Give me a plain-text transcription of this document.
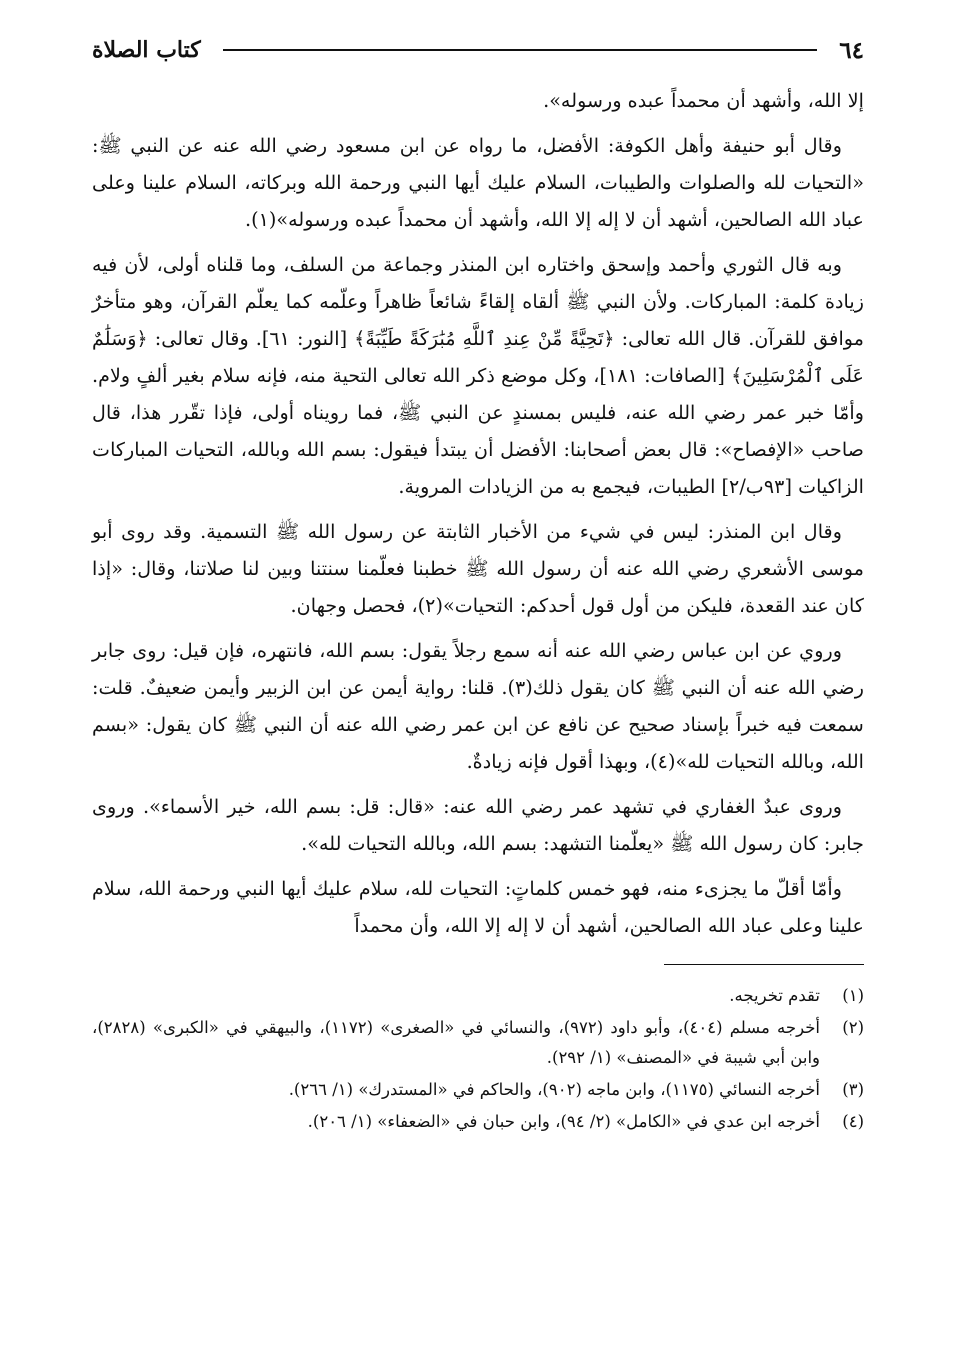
٦٤
كتاب الصلاة

إلا الله، وأشهد أن محمداً عبده ورسوله».

وقال أبو حنيفة وأهل الكوفة: الأفضل، ما رواه عن ابن مسعود رضي الله عنه عن النبي ﷺ: «التحيات لله والصلوات والطيبات، السلام عليك أيها النبي ورحمة الله وبركاته، السلام علينا وعلى عباد الله الصالحين، أشهد أن لا إله إلا الله، وأشهد أن محمداً عبده ورسوله»(١).

وبه قال الثوري وأحمد وإسحق واختاره ابن المنذر وجماعة من السلف، وما قلناه أولى، لأن فيه زيادة كلمة: المباركات. ولأن النبي ﷺ ألقاه إلقاءً شائعاً ظاهراً وعلّمه كما يعلّم القرآن، وهو متأخرٌ موافق للقرآن. قال الله تعالى: ﴿تَحِيَّةً مِّنْ عِندِ ٱللَّهِ مُبَٰرَكَةً طَيِّبَةً﴾ [النور: ٦١]. وقال تعالى: ﴿وَسَلَٰمٌ عَلَى ٱلْمُرْسَلِينَ﴾ [الصافات: ١٨١]، وكل موضع ذكر الله تعالى التحية منه، فإنه سلام بغير ألفٍ ولام. وأمّا خبر عمر رضي الله عنه، فليس بمسندٍ عن النبي ﷺ، فما رويناه أولى، فإذا تقّرر هذا، قال صاحب «الإفصاح»: قال بعض أصحابنا: الأفضل أن يبتدأ فيقول: بسم الله وبالله، التحيات المباركات الزاكيات [٩٣ب/٢] الطيبات، فيجمع به من الزيادات المروية.

وقال ابن المنذر: ليس في شيء من الأخبار الثابتة عن رسول الله ﷺ التسمية. وقد روى أبو موسى الأشعري رضي الله عنه أن رسول الله ﷺ خطبنا فعلّمنا سنتنا وبين لنا صلاتنا، وقال: «إذا كان عند القعدة، فليكن من أول قول أحدكم: التحيات»(٢)، فحصل وجهان.

وروي عن ابن عباس رضي الله عنه أنه سمع رجلاً يقول: بسم الله، فانتهره، فإن قيل: روى جابر رضي الله عنه أن النبي ﷺ كان يقول ذلك(٣). قلنا: رواية أيمن عن ابن الزبير وأيمن ضعيفٌ. قلت: سمعت فيه خبراً بإسناد صحيح عن نافع عن ابن عمر رضي الله عنه أن النبي ﷺ كان يقول: «بسم الله، وبالله التحيات لله»(٤)، وبهذا أقول فإنه زيادةٌ.

وروى عبدٌ الغفاري في تشهد عمر رضي الله عنه: «قال: قل: بسم الله، خير الأسماء». وروى جابر: كان رسول الله ﷺ «يعلّمنا التشهد: بسم الله، وبالله التحيات لله».

وأمّا أقلّ ما يجزىء منه، فهو خمس كلماتٍ: التحيات لله، سلام عليك أيها النبي ورحمة الله، سلام علينا وعلى عباد الله الصالحين، أشهد أن لا إله إلا الله، وأن محمداً

(١)
تقدم تخريجه.
(٢)
أخرجه مسلم (٤٠٤)، وأبو داود (٩٧٢)، والنسائي في «الصغرى» (١١٧٢)، والبيهقي في «الكبرى» (٢٨٢٨)، وابن أبي شيبة في «المصنف» (١/ ٢٩٢).
(٣)
أخرجه النسائي (١١٧٥)، وابن ماجه (٩٠٢)، والحاكم في «المستدرك» (١/ ٢٦٦).
(٤)
أخرجه ابن عدي في «الكامل» (٢/ ٩٤)، وابن حبان في «الضعفاء» (١/ ٢٠٦).
